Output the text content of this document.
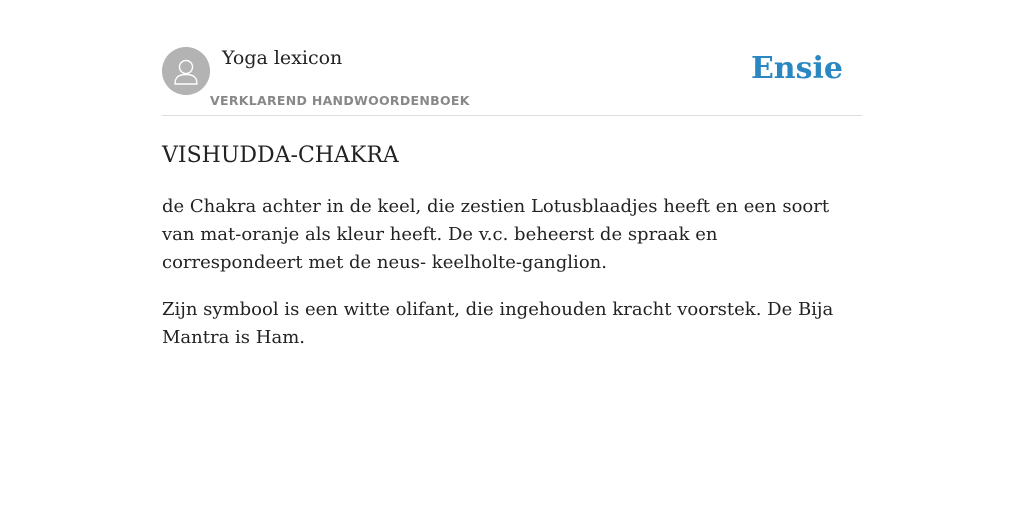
Yoga lexicon
VERKLAREND HANDWOORDENBOEK
Ensie
VISHUDDA-CHAKRA

de Chakra achter in de keel, die zestien Lotusblaadjes heeft en een soort van mat-oranje als kleur heeft. De v.c. beheerst de spraak en correspondeert met de neus- keelholte-ganglion.

Zijn symbool is een witte olifant, die ingehouden kracht voorstek. De Bija Mantra is Ham.
